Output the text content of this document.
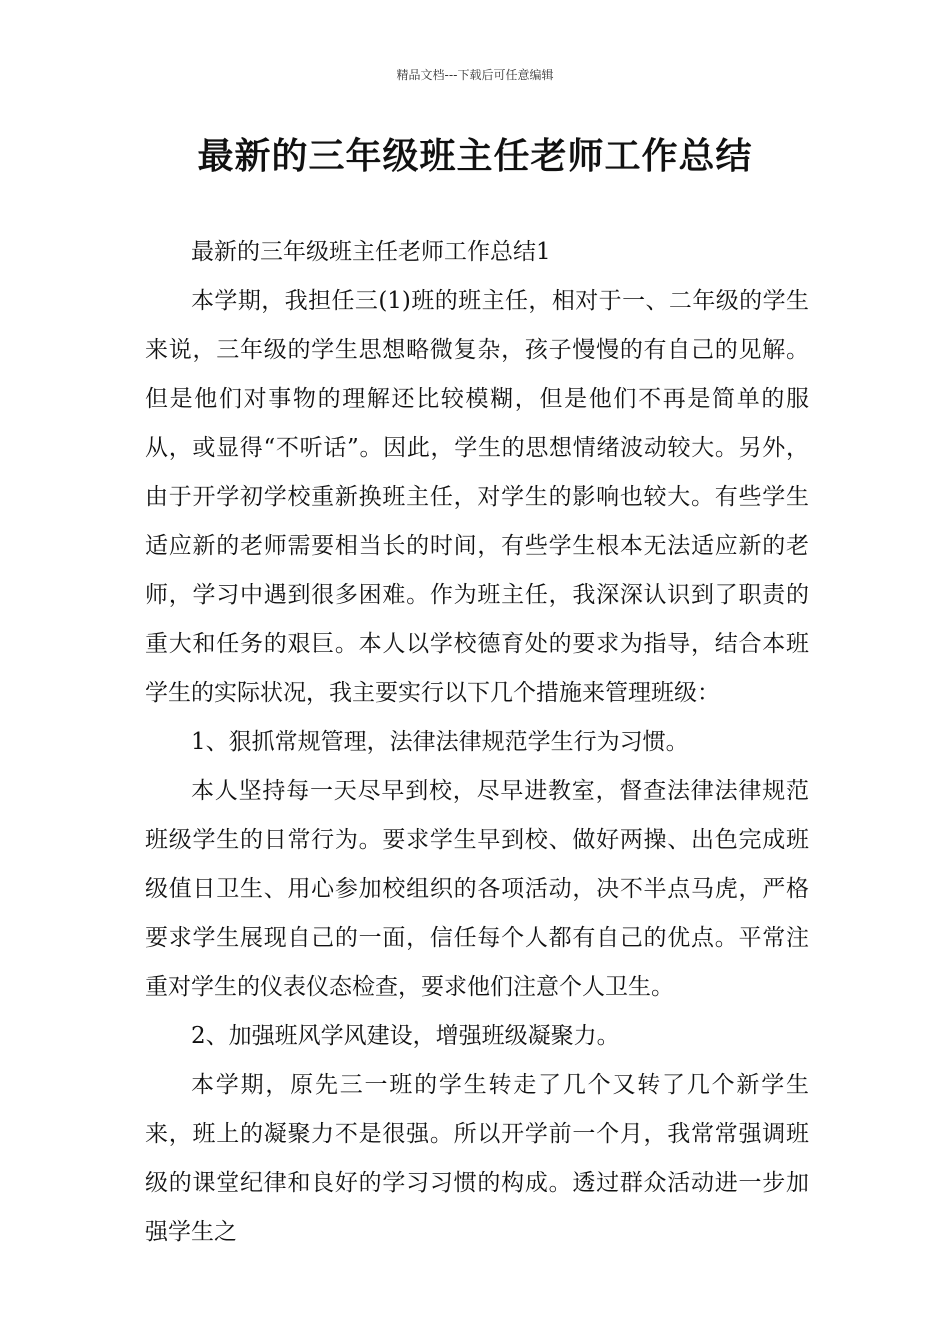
精品文档---下载后可任意编辑
最新的三年级班主任老师工作总结

最新的三年级班主任老师工作总结1

本学期，我担任三(1)班的班主任，相对于一、二年级的学生来说，三年级的学生思想略微复杂，孩子慢慢的有自己的见解。但是他们对事物的理解还比较模糊，但是他们不再是简单的服从，或显得“不听话”。因此，学生的思想情绪波动较大。另外，由于开学初学校重新换班主任，对学生的影响也较大。有些学生适应新的老师需要相当长的时间，有些学生根本无法适应新的老师，学习中遇到很多困难。作为班主任，我深深认识到了职责的重大和任务的艰巨。本人以学校德育处的要求为指导，结合本班学生的实际状况，我主要实行以下几个措施来管理班级：

1、狠抓常规管理，法律法律规范学生行为习惯。

本人坚持每一天尽早到校，尽早进教室，督查法律法律规范班级学生的日常行为。要求学生早到校、做好两操、出色完成班级值日卫生、用心参加校组织的各项活动，决不半点马虎，严格要求学生展现自己的一面，信任每个人都有自己的优点。平常注重对学生的仪表仪态检查，要求他们注意个人卫生。

2、加强班风学风建设，增强班级凝聚力。

本学期，原先三一班的学生转走了几个又转了几个新学生来，班上的凝聚力不是很强。所以开学前一个月，我常常强调班级的课堂纪律和良好的学习习惯的构成。透过群众活动进一步加强学生之
